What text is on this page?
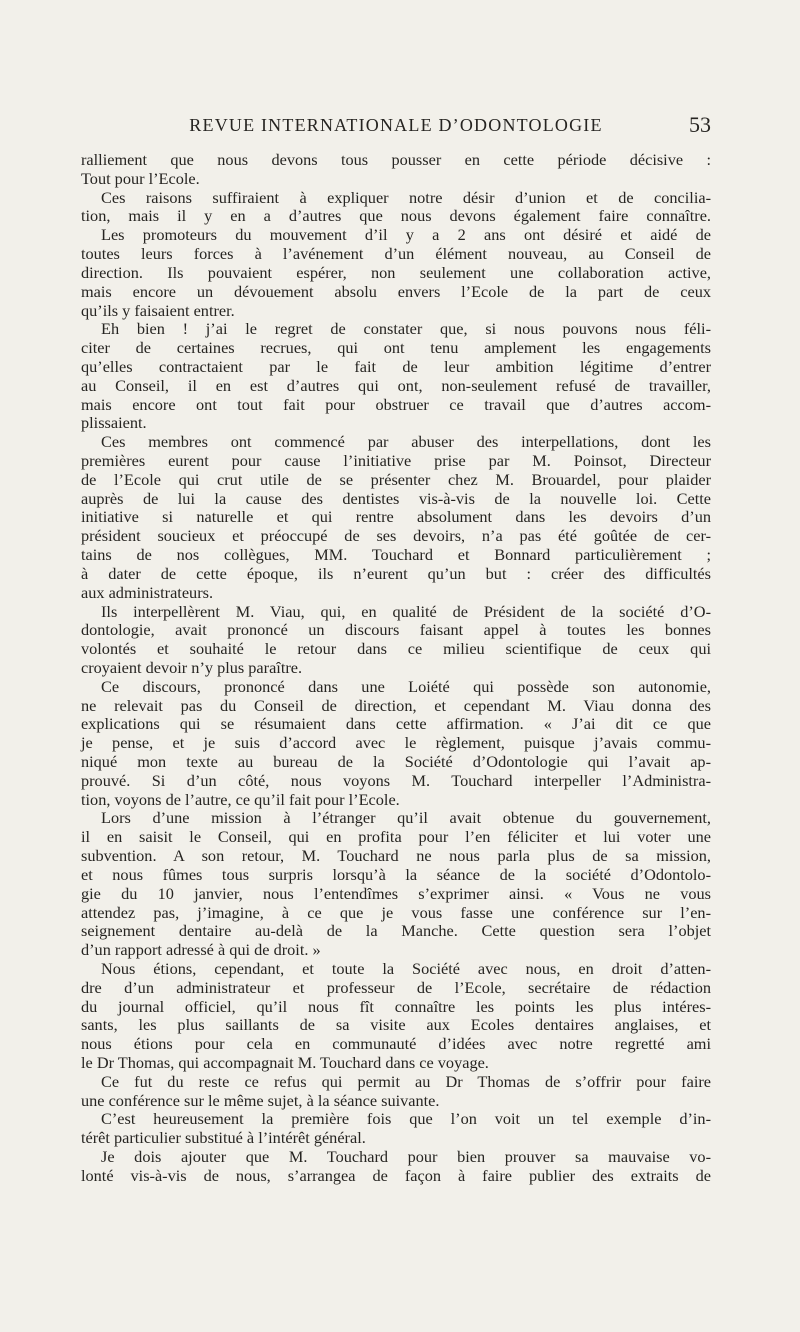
REVUE INTERNATIONALE D’ODONTOLOGIE	53
ralliement que nous devons tous pousser en cette période décisive :
Tout pour l’Ecole.
Ces raisons suffiraient à expliquer notre désir d’union et de concilia-
tion, mais il y en a d’autres que nous devons également faire connaître.
Les promoteurs du mouvement d’il y a 2 ans ont désiré et aidé de
toutes leurs forces à l’avénement d’un élément nouveau, au Conseil de
direction. Ils pouvaient espérer, non seulement une collaboration active,
mais encore un dévouement absolu envers l’Ecole de la part de ceux
qu’ils y faisaient entrer.
Eh bien ! j’ai le regret de constater que, si nous pouvons nous féli-
citer de certaines recrues, qui ont tenu amplement les engagements
qu’elles contractaient par le fait de leur ambition légitime d’entrer
au Conseil, il en est d’autres qui ont, non-seulement refusé de travailler,
mais encore ont tout fait pour obstruer ce travail que d’autres accom-
plissaient.
Ces membres ont commencé par abuser des interpellations, dont les
premières eurent pour cause l’initiative prise par M. Poinsot, Directeur
de l’Ecole qui crut utile de se présenter chez M. Brouardel, pour plaider
auprès de lui la cause des dentistes vis-à-vis de la nouvelle loi. Cette
initiative si naturelle et qui rentre absolument dans les devoirs d’un
président soucieux et préoccupé de ses devoirs, n’a pas été goûtée de cer-
tains de nos collègues, MM. Touchard et Bonnard particulièrement ;
à dater de cette époque, ils n’eurent qu’un but : créer des difficultés
aux administrateurs.
Ils interpellèrent M. Viau, qui, en qualité de Président de la société d’O-
dontologie, avait prononcé un discours faisant appel à toutes les bonnes
volontés et souhaité le retour dans ce milieu scientifique de ceux qui
croyaient devoir n’y plus paraître.
Ce discours, prononcé dans une Loiété qui possède son autonomie,
ne relevait pas du Conseil de direction, et cependant M. Viau donna des
explications qui se résumaient dans cette affirmation. « J’ai dit ce que
je pense, et je suis d’accord avec le règlement, puisque j’avais commu-
niqué mon texte au bureau de la Société d’Odontologie qui l’avait ap-
prouvé. Si d’un côté, nous voyons M. Touchard interpeller l’Administra-
tion, voyons de l’autre, ce qu’il fait pour l’Ecole.
Lors d’une mission à l’étranger qu’il avait obtenue du gouvernement,
il en saisit le Conseil, qui en profita pour l’en féliciter et lui voter une
subvention. A son retour, M. Touchard ne nous parla plus de sa mission,
et nous fûmes tous surpris lorsqu’à la séance de la société d’Odontolo-
gie du 10 janvier, nous l’entendîmes s’exprimer ainsi. « Vous ne vous
attendez pas, j’imagine, à ce que je vous fasse une conférence sur l’en-
seignement dentaire au-delà de la Manche. Cette question sera l’objet
d’un rapport adressé à qui de droit. »
Nous étions, cependant, et toute la Société avec nous, en droit d’atten-
dre d’un administrateur et professeur de l’Ecole, secrétaire de rédaction
du journal officiel, qu’il nous fît connaître les points les plus intéres-
sants, les plus saillants de sa visite aux Ecoles dentaires anglaises, et
nous étions pour cela en communauté d’idées avec notre regretté ami
le Dr Thomas, qui accompagnait M. Touchard dans ce voyage.
Ce fut du reste ce refus qui permit au Dr Thomas de s’offrir pour faire
une conférence sur le même sujet, à la séance suivante.
C’est heureusement la première fois que l’on voit un tel exemple d’in-
térêt particulier substitué à l’intérêt général.
Je dois ajouter que M. Touchard pour bien prouver sa mauvaise vo-
lonté vis-à-vis de nous, s’arrangea de façon à faire publier des extraits de
